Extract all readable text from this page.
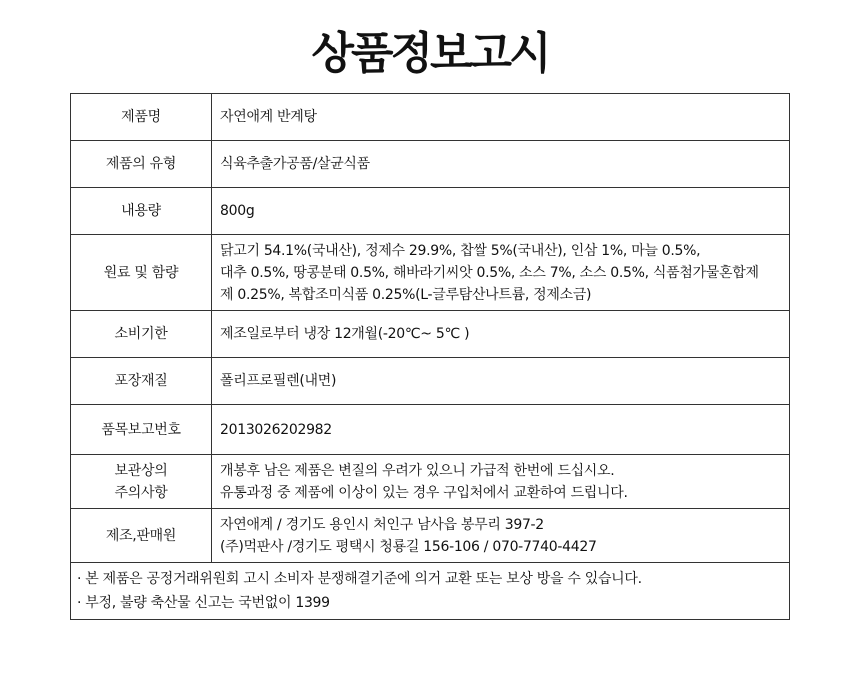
상품정보고시
제품명	자연애계 반계탕

제품의 유형	식육추출가공품/살균식품

내용량	800g

원료 및 함량	닭고기 54.1%(국내산), 정제수 29.9%, 찹쌀 5%(국내산), 인삼 1%, 마늘 0.5%,
대추 0.5%, 땅콩분태 0.5%, 해바라기씨앗 0.5%, 소스 7%, 소스 0.5%, 식품첨가물혼합제
제 0.25%, 복합조미식품 0.25%(L-글루탐산나트륨, 정제소금)

소비기한	제조일로부터 냉장 12개월(-20℃~ 5℃ )

포장재질	폴리프로필렌(내면)

품목보고번호	2013026202982

보관상의
주의사항	개봉후 남은 제품은 변질의 우려가 있으니 가급적 한번에 드십시오.
유통과정 중 제품에 이상이 있는 경우 구입처에서 교환하여 드립니다.

제조,판매원	자연애계 / 경기도 용인시 처인구 남사읍 봉무리 397-2
(주)먹판사 /경기도 평택시 청룡길 156-106 / 070-7740-4427

· 본 제품은 공정거래위원회 고시 소비자 분쟁해결기준에 의거 교환 또는 보상 방을 수 있습니다.
· 부정, 불량 축산물 신고는 국번없이 1399	
